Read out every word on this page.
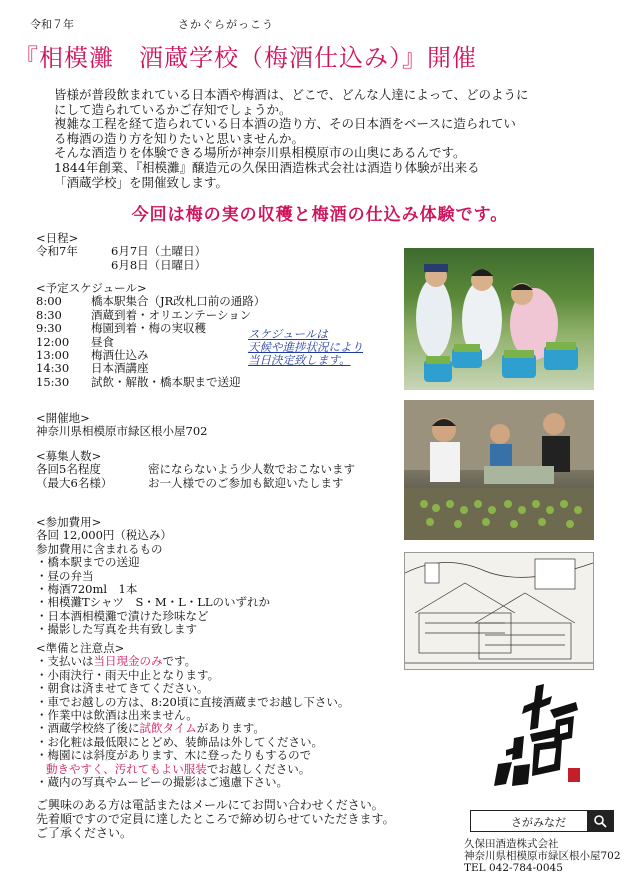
令和７年	さかぐらがっこう
『相模灘　酒蔵学校（梅酒仕込み）』開催

皆様が普段飲まれている日本酒や梅酒は、どこで、どんな人達によって、どのように

にして造られているかご存知でしょうか。

複雑な工程を経て造られている日本酒の造り方、その日本酒をベースに造られてい

る梅酒の造り方を知りたいと思いませんか。

そんな酒造りを体験できる場所が神奈川県相模原市の山奥にあるんです。

1844年創業、『相模灘』醸造元の久保田酒造株式会社は酒造り体験が出来る

「酒蔵学校」を開催致します。

今回は梅の実の収穫と梅酒の仕込み体験です。

<日程>

令和7年	6月7日（土曜日）
6月8日（日曜日）

<予定スケジュール>

8:00	橋本駅集合（JR改札口前の通路）
8:30	酒蔵到着・オリエンテーション
9:30	梅園到着・梅の実収穫
12:00	昼食
13:00	梅酒仕込み
14:30	日本酒講座
15:30	試飲・解散・橋本駅まで送迎
スケジュールは
天候や進捗状況により
当日決定致します。

<開催地>

神奈川県相模原市緑区根小屋702

<募集人数>

各回5名程度	密にならないよう少人数でおこないます
（最大6名様）	お一人様でのご参加も歓迎いたします

<参加費用>

各回 12,000円（税込み）

参加費用に含まれるもの

・橋本駅までの送迎

・昼の弁当

・梅酒720ml　1本

・相模灘Tシャツ　S・M・L・LLのいずれか

・日本酒相模灘で漬けた珍味など

・撮影した写真を共有致します

<準備と注意点>

・支払いは当日現金のみです。

・小雨決行・雨天中止となります。

・朝食は済ませてきてください。

・車でお越しの方は、8:20頃に直接酒蔵までお越し下さい。

・作業中は飲酒は出来ません。

・酒蔵学校終了後に試飲タイムがあります。

・お化粧は最低限にとどめ、装飾品は外してください。

・梅園には斜度があります、木に登ったりもするので

動きやすく、汚れてもよい服装でお越しください。

・蔵内の写真やムービーの撮影はご遠慮下さい。

ご興味のある方は電話またはメールにてお問い合わせください。

先着順ですので定員に達したところで締め切らせていただきます。

ご了承ください。

さがみなだ
久保田酒造株式会社
神奈川県相模原市緑区根小屋702
TEL 042-784-0045
